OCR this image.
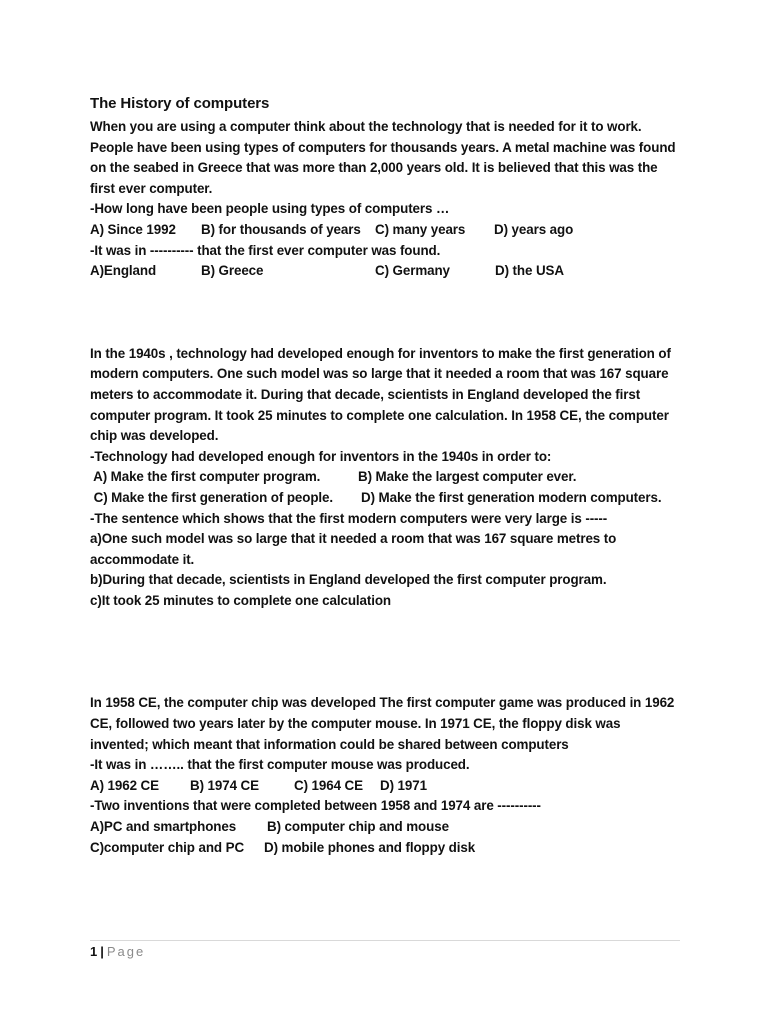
The History of computers
When you are using a computer think about the technology that is needed for it to work.
People have been using types of computers for thousands years. A metal machine was found
on the seabed in Greece that was more than 2,000 years old. It is believed that this was the
first ever computer.
-How long have been people using types of computers …
A) Since 1992	B) for thousands of years	C) many years	D) years ago
-It was in ---------- that the first ever computer was found.
A)England	B) Greece	C) Germany	D) the USA
In the 1940s , technology had developed enough for inventors to make the first generation of
modern computers. One such model was so large that it needed a room that was 167 square
meters to accommodate it. During that decade, scientists in England developed the first
computer program. It took 25 minutes to complete one calculation. In 1958 CE, the computer
chip was developed.
-Technology had developed enough for inventors in the 1940s in order to:
A) Make the first computer program.	B) Make the largest computer ever.
C) Make the first generation of people.	D) Make the first generation modern computers.
-The sentence which shows that the first modern computers were very large is -----
a)One such model was so large that it needed a room that was 167 square metres to
accommodate it.
b)During that decade, scientists in England developed the first computer program.
c)It took 25 minutes to complete one calculation
In 1958 CE, the computer chip was developed The first computer game was produced in 1962
CE, followed two years later by the computer mouse. In 1971 CE, the floppy disk was
invented; which meant that information could be shared between computers
-It was in …….. that the first computer mouse was produced.
A) 1962 CE	B) 1974 CE	C) 1964 CE	D) 1971
-Two inventions that were completed between 1958 and 1974 are ----------
A)PC and smartphones	B) computer chip and mouse
C)computer chip and PC	D) mobile phones and floppy disk
1 | Page
